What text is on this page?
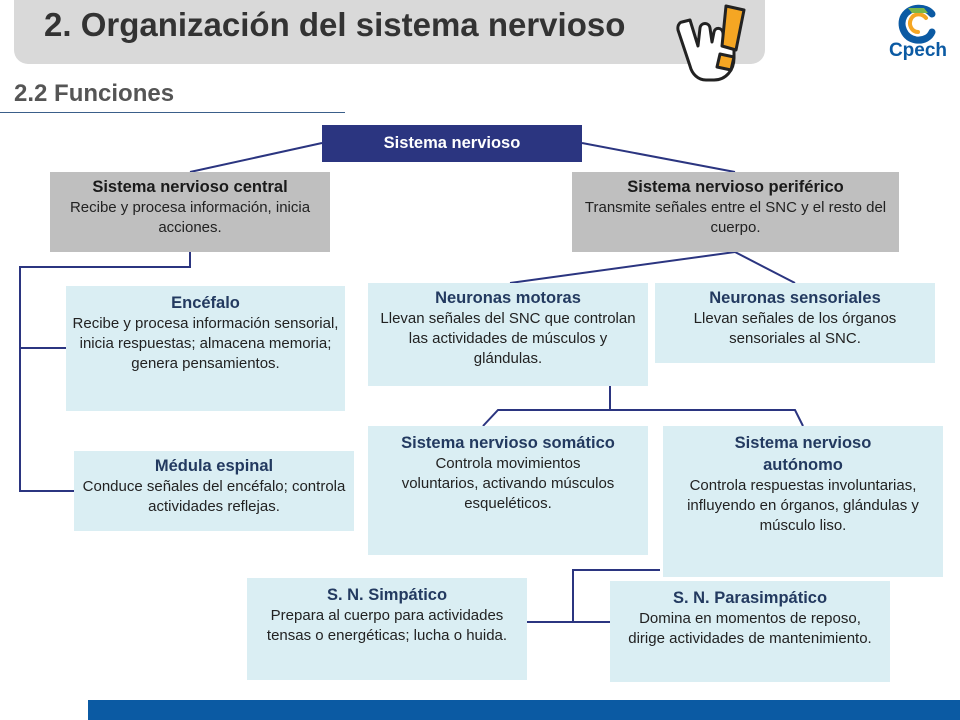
2. Organización del sistema nervioso
Cpech
2.2 Funciones
Sistema nervioso
Sistema nervioso central
Recibe y procesa información, inicia acciones.
Sistema nervioso periférico
Transmite señales entre el SNC y el resto del cuerpo.
Encéfalo
Recibe y procesa información sensorial, inicia respuestas; almacena memoria; genera pensamientos.
Médula espinal
Conduce señales del encéfalo; controla actividades reflejas.
Neuronas motoras
Llevan señales del SNC que controlan las actividades de músculos y glándulas.
Neuronas sensoriales
Llevan señales de los órganos sensoriales al SNC.
Sistema nervioso somático
Controla movimientos voluntarios, activando músculos esqueléticos.
Sistema nervioso autónomo
Controla respuestas involuntarias, influyendo en órganos, glándulas y músculo liso.
S. N. Simpático
Prepara al cuerpo para actividades tensas o energéticas; lucha o huida.
S. N. Parasimpático
Domina en momentos de reposo, dirige actividades de mantenimiento.
